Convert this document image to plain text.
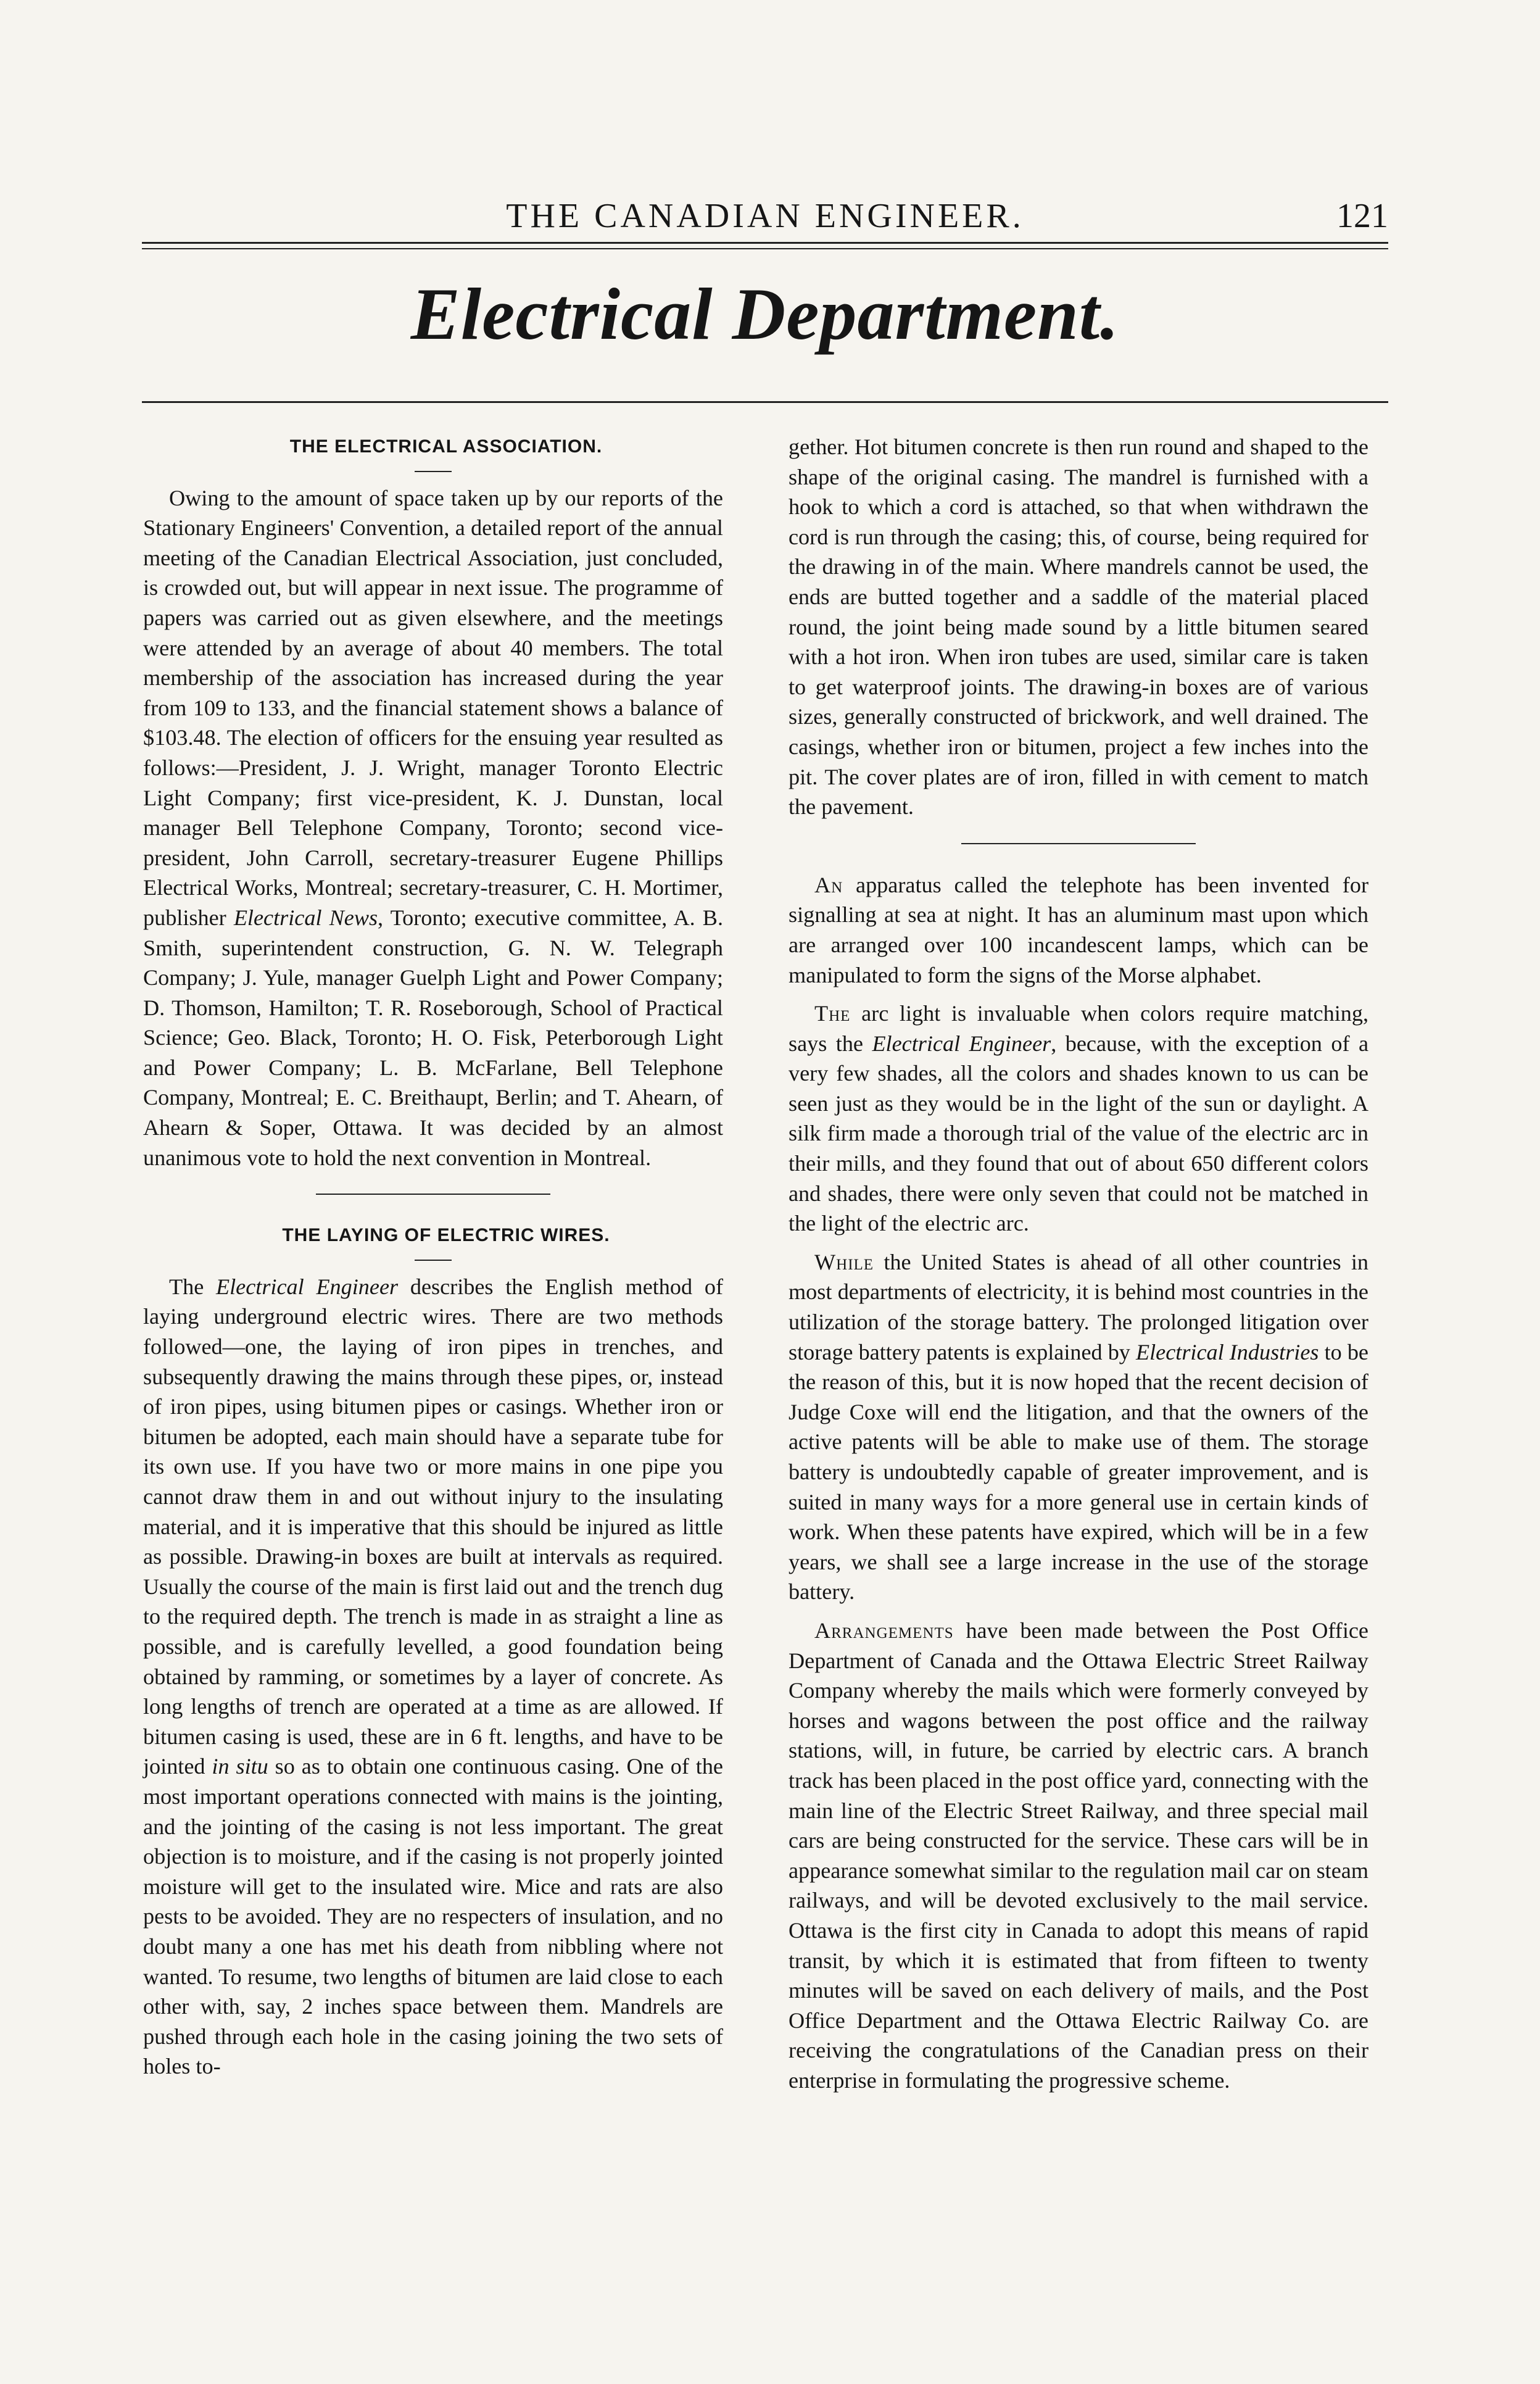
THE CANADIAN ENGINEER.	121
Electrical Department.

THE ELECTRICAL ASSOCIATION.

Owing to the amount of space taken up by our reports of the Stationary Engineers' Convention, a detailed report of the annual meeting of the Canadian Electrical Association, just concluded, is crowded out, but will appear in next issue. The programme of papers was carried out as given elsewhere, and the meetings were attended by an average of about 40 members. The total membership of the association has increased during the year from 109 to 133, and the financial statement shows a balance of $103.48. The election of officers for the ensuing year resulted as follows:—President, J. J. Wright, manager Toronto Electric Light Company; first vice-president, K. J. Dunstan, local manager Bell Telephone Company, Toronto; second vice-president, John Carroll, secretary-treasurer Eugene Phillips Electrical Works, Montreal; secretary-treasurer, C. H. Mortimer, publisher Electrical News, Toronto; executive committee, A. B. Smith, superintendent construction, G. N. W. Telegraph Company; J. Yule, manager Guelph Light and Power Company; D. Thomson, Hamilton; T. R. Roseborough, School of Practical Science; Geo. Black, Toronto; H. O. Fisk, Peterborough Light and Power Company; L. B. McFarlane, Bell Telephone Company, Montreal; E. C. Breithaupt, Berlin; and T. Ahearn, of Ahearn & Soper, Ottawa. It was decided by an almost unanimous vote to hold the next convention in Montreal.

THE LAYING OF ELECTRIC WIRES.

The Electrical Engineer describes the English method of laying underground electric wires. There are two methods followed—one, the laying of iron pipes in trenches, and subsequently drawing the mains through these pipes, or, instead of iron pipes, using bitumen pipes or casings. Whether iron or bitumen be adopted, each main should have a separate tube for its own use. If you have two or more mains in one pipe you cannot draw them in and out without injury to the insulating material, and it is imperative that this should be injured as little as possible. Drawing-in boxes are built at intervals as required. Usually the course of the main is first laid out and the trench dug to the required depth. The trench is made in as straight a line as possible, and is carefully levelled, a good foundation being obtained by ramming, or sometimes by a layer of concrete. As long lengths of trench are operated at a time as are allowed. If bitumen casing is used, these are in 6 ft. lengths, and have to be jointed in situ so as to obtain one continuous casing. One of the most important operations connected with mains is the jointing, and the jointing of the casing is not less important. The great objection is to moisture, and if the casing is not properly jointed moisture will get to the insulated wire. Mice and rats are also pests to be avoided. They are no respecters of insulation, and no doubt many a one has met his death from nibbling where not wanted. To resume, two lengths of bitumen are laid close to each other with, say, 2 inches space between them. Mandrels are pushed through each hole in the casing joining the two sets of holes to-

gether. Hot bitumen concrete is then run round and shaped to the shape of the original casing. The mandrel is furnished with a hook to which a cord is attached, so that when withdrawn the cord is run through the casing; this, of course, being required for the drawing in of the main. Where mandrels cannot be used, the ends are butted together and a saddle of the material placed round, the joint being made sound by a little bitumen seared with a hot iron. When iron tubes are used, similar care is taken to get waterproof joints. The drawing-in boxes are of various sizes, generally constructed of brickwork, and well drained. The casings, whether iron or bitumen, project a few inches into the pit. The cover plates are of iron, filled in with cement to match the pavement.

An apparatus called the telephote has been invented for signalling at sea at night. It has an aluminum mast upon which are arranged over 100 incandescent lamps, which can be manipulated to form the signs of the Morse alphabet.

The arc light is invaluable when colors require matching, says the Electrical Engineer, because, with the exception of a very few shades, all the colors and shades known to us can be seen just as they would be in the light of the sun or daylight. A silk firm made a thorough trial of the value of the electric arc in their mills, and they found that out of about 650 different colors and shades, there were only seven that could not be matched in the light of the electric arc.

While the United States is ahead of all other countries in most departments of electricity, it is behind most countries in the utilization of the storage battery. The prolonged litigation over storage battery patents is explained by Electrical Industries to be the reason of this, but it is now hoped that the recent decision of Judge Coxe will end the litigation, and that the owners of the active patents will be able to make use of them. The storage battery is undoubtedly capable of greater improvement, and is suited in many ways for a more general use in certain kinds of work. When these patents have expired, which will be in a few years, we shall see a large increase in the use of the storage battery.

Arrangements have been made between the Post Office Department of Canada and the Ottawa Electric Street Railway Company whereby the mails which were formerly conveyed by horses and wagons between the post office and the railway stations, will, in future, be carried by electric cars. A branch track has been placed in the post office yard, connecting with the main line of the Electric Street Railway, and three special mail cars are being constructed for the service. These cars will be in appearance somewhat similar to the regulation mail car on steam railways, and will be devoted exclusively to the mail service. Ottawa is the first city in Canada to adopt this means of rapid transit, by which it is estimated that from fifteen to twenty minutes will be saved on each delivery of mails, and the Post Office Department and the Ottawa Electric Railway Co. are receiving the congratulations of the Canadian press on their enterprise in formulating the progressive scheme.
